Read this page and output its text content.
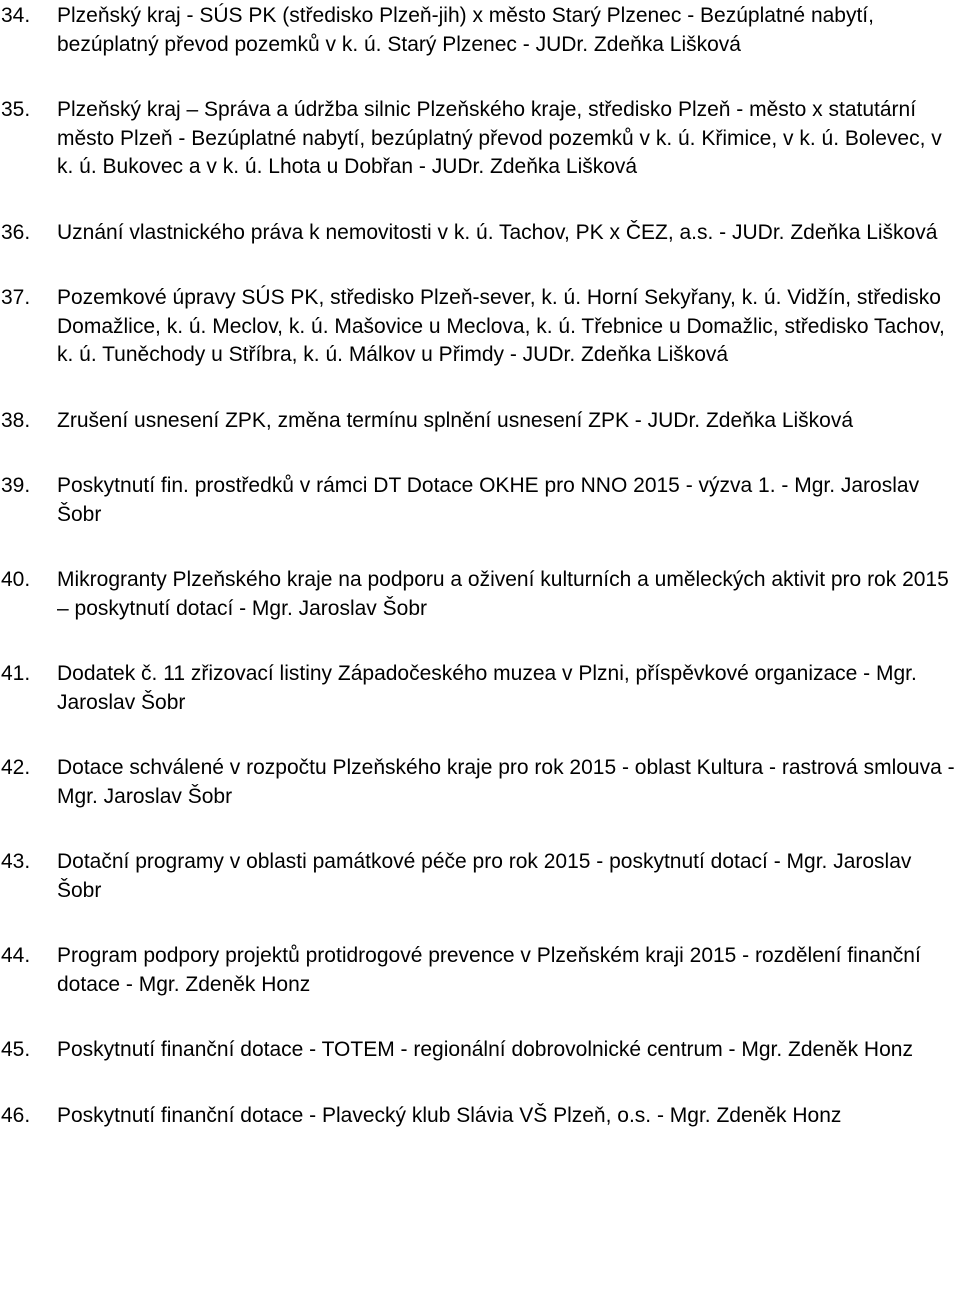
34.	Plzeňský kraj - SÚS PK (středisko Plzeň-jih) x město Starý Plzenec - Bezúplatné nabytí, bezúplatný převod pozemků v k. ú. Starý Plzenec - JUDr. Zdeňka Lišková
35.	Plzeňský kraj – Správa a údržba silnic Plzeňského kraje, středisko Plzeň - město x statutární město Plzeň - Bezúplatné nabytí, bezúplatný převod pozemků v k. ú. Křimice, v k. ú. Bolevec, v k. ú. Bukovec a v k. ú. Lhota u Dobřan - JUDr. Zdeňka Lišková
36.	Uznání vlastnického práva k nemovitosti v k. ú. Tachov, PK x ČEZ, a.s. - JUDr. Zdeňka Lišková
37.	Pozemkové úpravy SÚS PK, středisko Plzeň-sever, k. ú. Horní Sekyřany, k. ú. Vidžín, středisko Domažlice, k. ú. Meclov, k. ú. Mašovice u Meclova, k. ú. Třebnice u Domažlic, středisko Tachov, k. ú. Tuněchody u Stříbra, k. ú. Málkov u Přimdy - JUDr. Zdeňka Lišková
38.	Zrušení usnesení ZPK, změna termínu splnění usnesení ZPK - JUDr. Zdeňka Lišková
39.	Poskytnutí fin. prostředků v rámci DT Dotace OKHE pro NNO 2015 - výzva 1. - Mgr. Jaroslav Šobr
40.	Mikrogranty Plzeňského kraje na podporu a oživení kulturních a uměleckých aktivit pro rok 2015 – poskytnutí dotací - Mgr. Jaroslav Šobr
41.	Dodatek č. 11 zřizovací listiny Západočeského muzea v Plzni, příspěvkové organizace - Mgr. Jaroslav Šobr
42.	Dotace schválené v rozpočtu Plzeňského kraje pro rok 2015 - oblast Kultura - rastrová smlouva - Mgr. Jaroslav Šobr
43.	Dotační programy v oblasti památkové péče pro rok 2015 - poskytnutí dotací - Mgr. Jaroslav Šobr
44.	Program podpory projektů protidrogové prevence v Plzeňském kraji 2015 - rozdělení finanční dotace - Mgr. Zdeněk Honz
45.	Poskytnutí finanční dotace - TOTEM - regionální dobrovolnické centrum - Mgr. Zdeněk Honz
46.	Poskytnutí finanční dotace - Plavecký klub Slávia VŠ Plzeň, o.s. - Mgr. Zdeněk Honz
